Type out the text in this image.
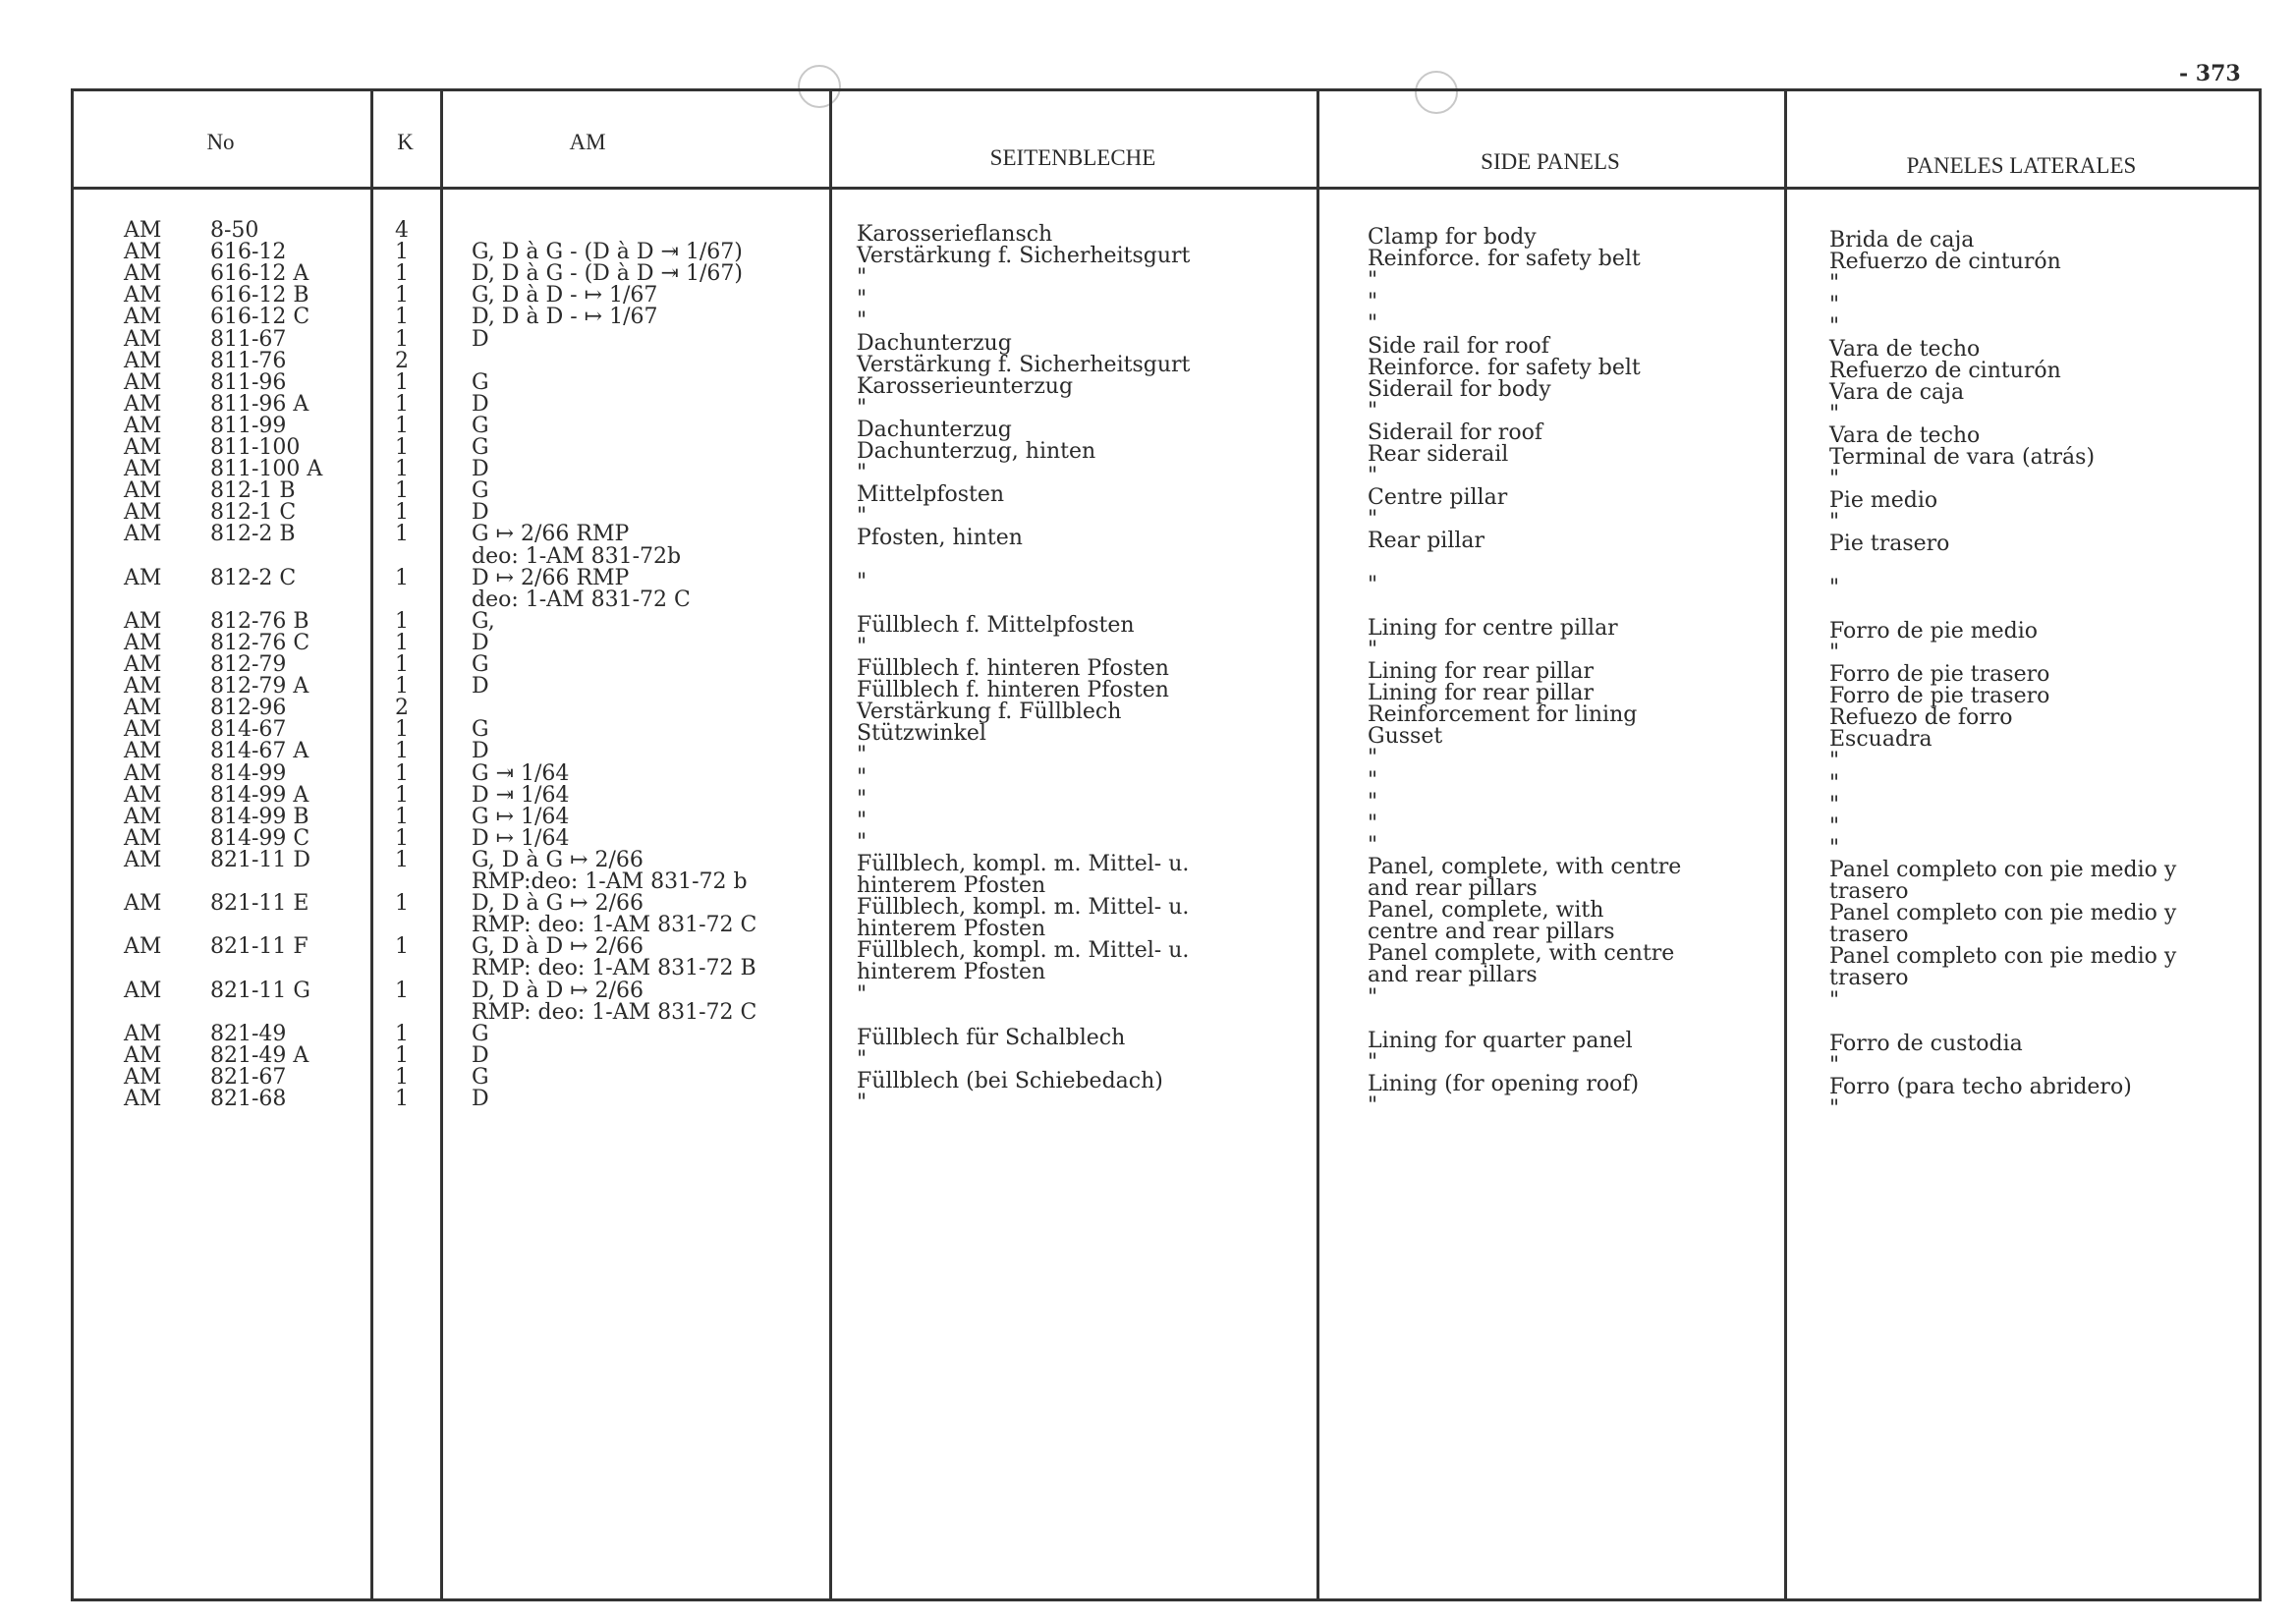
- 373
No	K	AM
SEITENBLECHE	SIDE PANELS	PANELES LATERALES
AM 8-50	4	Karosserieflansch	Clamp for body	Brida de caja
AM 616-12	1	G, D à G - (D à D ⇥ 1/67)	Verstärkung f. Sicherheitsgurt	Reinforce. for safety belt	Refuerzo de cinturón
AM 616-12 A	1	D, D à G - (D à D ⇥ 1/67)	"	"	"
AM 616-12 B	1	G, D à D - ↦ 1/67	"	"	"
AM 616-12 C	1	D, D à D - ↦ 1/67	"	"	"
AM 811-67	1	D	Dachunterzug	Side rail for roof	Vara de techo
AM 811-76	2	Verstärkung f. Sicherheitsgurt	Reinforce. for safety belt	Refuerzo de cinturón
AM 811-96	1	G	Karosserieunterzug	Siderail for body	Vara de caja
AM 811-96 A	1	D	"	"	"
AM 811-99	1	G	Dachunterzug	Siderail for roof	Vara de techo
AM 811-100	1	G	Dachunterzug, hinten	Rear siderail	Terminal de vara (atrás)
AM 811-100 A	1	D	"	"	"
AM 812-1 B	1	G	Mittelpfosten	Centre pillar	Pie medio
AM 812-1 C	1	D	"	"	"
AM 812-2 B	1	G ↦ 2/66 RMP	Pfosten, hinten	Rear pillar	Pie trasero
deo: 1-AM 831-72b
AM 812-2 C	1	D ↦ 2/66 RMP	"	"	"
deo: 1-AM 831-72 C
AM 812-76 B	1	G,	Füllblech f. Mittelpfosten	Lining for centre pillar	Forro de pie medio
AM 812-76 C	1	D	"	"	"
AM 812-79	1	G	Füllblech f. hinteren Pfosten	Lining for rear pillar	Forro de pie trasero
AM 812-79 A	1	D	Füllblech f. hinteren Pfosten	Lining for rear pillar	Forro de pie trasero
AM 812-96	2	Verstärkung f. Füllblech	Reinforcement for lining	Refuezo de forro
AM 814-67	1	G	Stützwinkel	Gusset	Escuadra
AM 814-67 A	1	D	"	"	"
AM 814-99	1	G ⇥ 1/64	"	"	"
AM 814-99 A	1	D ⇥ 1/64	"	"	"
AM 814-99 B	1	G ↦ 1/64	"	"	"
AM 814-99 C	1	D ↦ 1/64	"	"	"
AM 821-11 D	1	G, D à G ↦ 2/66	Füllblech, kompl. m. Mittel- u.	Panel, complete, with centre	Panel completo con pie medio y
RMP:deo: 1-AM 831-72 b	hinterem Pfosten	and rear pillars	trasero
AM 821-11 E	1	D, D à G ↦ 2/66	Füllblech, kompl. m. Mittel- u.	Panel, complete, with	Panel completo con pie medio y
RMP: deo: 1-AM 831-72 C	hinterem Pfosten	centre and rear pillars	trasero
AM 821-11 F	1	G, D à D ↦ 2/66	Füllblech, kompl. m. Mittel- u.	Panel complete, with centre	Panel completo con pie medio y
RMP: deo: 1-AM 831-72 B	hinterem Pfosten	and rear pillars	trasero
AM 821-11 G	1	D, D à D ↦ 2/66	"	"	"
RMP: deo: 1-AM 831-72 C
AM 821-49	1	G	Füllblech für Schalblech	Lining for quarter panel	Forro de custodia
AM 821-49 A	1	D	"	"	"
AM 821-67	1	G	Füllblech (bei Schiebedach)	Lining (for opening roof)	Forro (para techo abridero)
AM 821-68	1	D	"	"	"
